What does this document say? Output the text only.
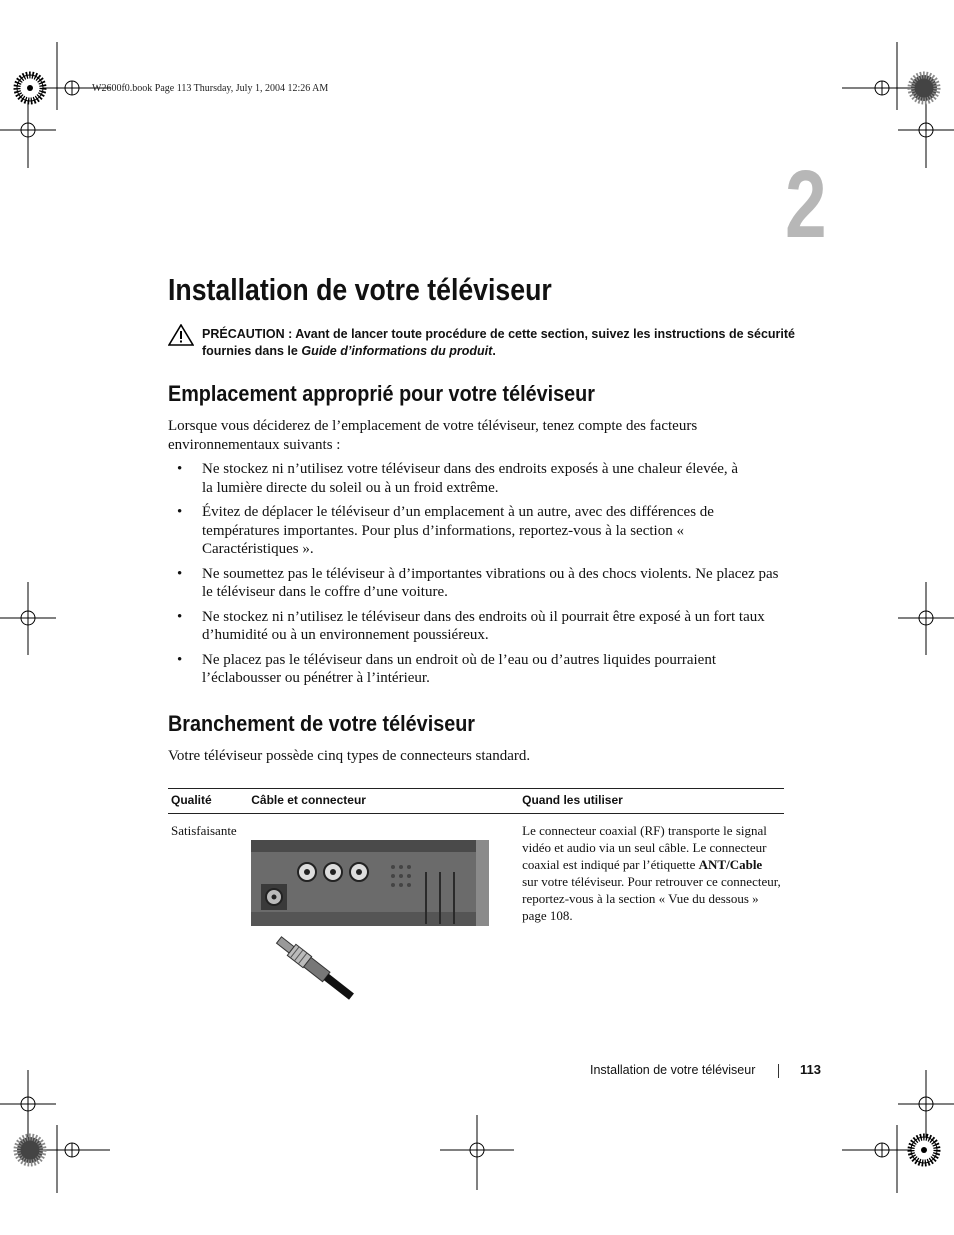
W2600f0.book Page 113 Thursday, July 1, 2004 12:26 AM
2
Installation de votre téléviseur
PRÉCAUTION : Avant de lancer toute procédure de cette section, suivez les instructions de sécurité fournies dans le Guide d’informations du produit.
Emplacement approprié pour votre téléviseur

Lorsque vous déciderez de l’emplacement de votre téléviseur, tenez compte des facteurs environnementaux suivants :

• Ne stockez ni n’utilisez votre téléviseur dans des endroits exposés à une chaleur élevée, à la lumière directe du soleil ou à un froid extrême.
• Évitez de déplacer le téléviseur d’un emplacement à un autre, avec des différences de températures importantes. Pour plus d’informations, reportez-vous à la section « Caractéristiques ».
• Ne soumettez pas le téléviseur à d’importantes vibrations ou à des chocs violents. Ne placez pas le téléviseur dans le coffre d’une voiture.
• Ne stockez ni n’utilisez le téléviseur dans des endroits où il pourrait être exposé à un fort taux d’humidité ou à un environnement poussiéreux.
• Ne placez pas le téléviseur dans un endroit où de l’eau ou d’autres liquides pourraient l’éclabousser ou pénétrer à l’intérieur.
Branchement de votre téléviseur

Votre téléviseur possède cinq types de connecteurs standard.

Qualité	Câble et connecteur	Quand les utiliser
Satisfaisante		Le connecteur coaxial (RF) transporte le signal vidéo et audio via un seul câble. Le connecteur coaxial est indiqué par l’étiquette ANT/Cable sur votre téléviseur. Pour retrouver ce connecteur, reportez-vous à la section « Vue du dessous » page 108.
Installation de votre téléviseur	113
